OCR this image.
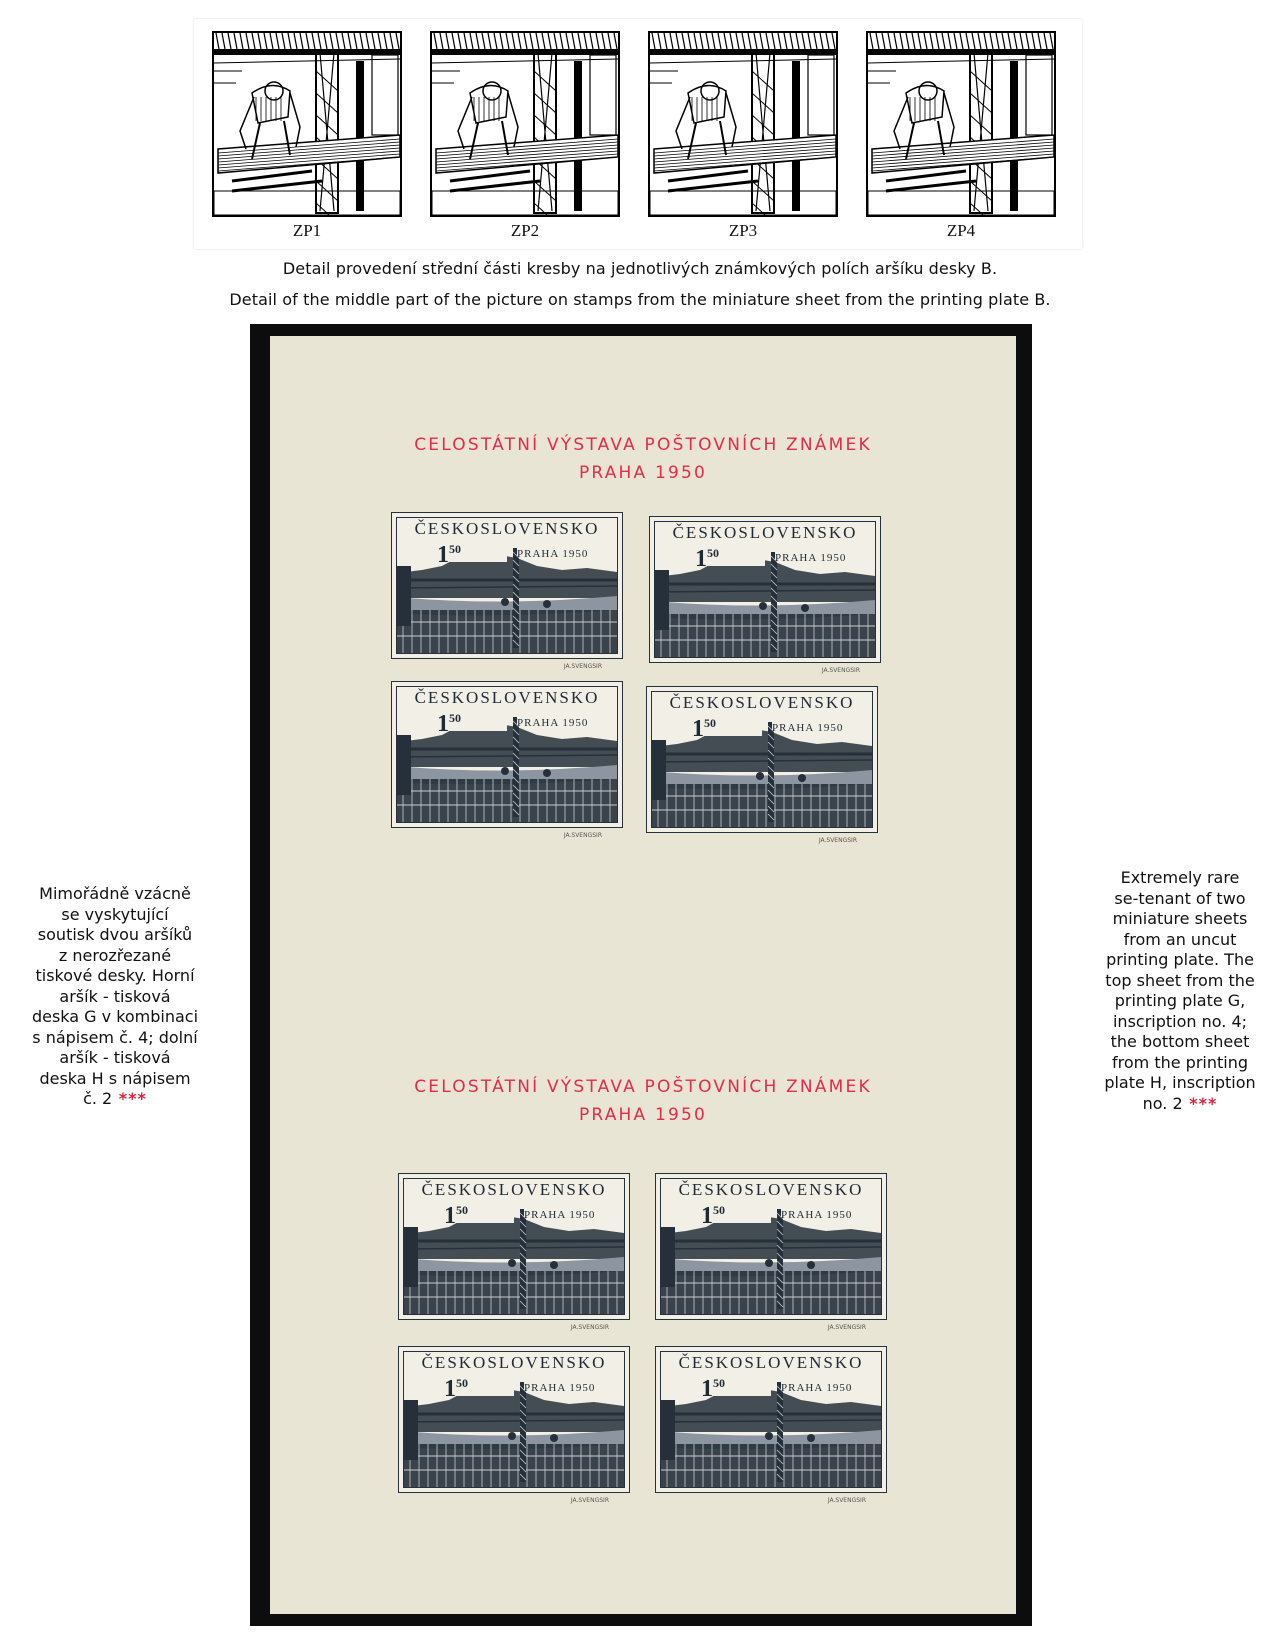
ZP1	ZP2	ZP3	ZP4
Detail provedení střední části kresby na jednotlivých známkových polích aršíku desky B.
Detail of the middle part of the picture on stamps from the miniature sheet from the printing plate B.
CELOSTÁTNÍ VÝSTAVA POŠTOVNÍCH ZNÁMEK
PRAHA 1950
ČESKOSLOVENSKO
$1^{50}$	PRAHA 1950
JA.SVENGSIR
ČESKOSLOVENSKO
$1^{50}$	PRAHA 1950
JA.SVENGSIR
ČESKOSLOVENSKO
$1^{50}$	PRAHA 1950
JA.SVENGSIR
ČESKOSLOVENSKO
$1^{50}$	PRAHA 1950
JA.SVENGSIR
CELOSTÁTNÍ VÝSTAVA POŠTOVNÍCH ZNÁMEK
PRAHA 1950
ČESKOSLOVENSKO
$1^{50}$	PRAHA 1950
JA.SVENGSIR
ČESKOSLOVENSKO
$1^{50}$	PRAHA 1950
JA.SVENGSIR
ČESKOSLOVENSKO
$1^{50}$	PRAHA 1950
JA.SVENGSIR
ČESKOSLOVENSKO
$1^{50}$	PRAHA 1950
JA.SVENGSIR
Mimořádně vzácně
se vyskytující
soutisk dvou aršíků
z nerozřezané
tiskové desky. Horní
aršík - tisková
deska G v kombinaci
s nápisem č. 4; dolní
aršík - tisková
deska H s nápisem
č. 2 ***
Extremely rare
se-tenant of two
miniature sheets
from an uncut
printing plate. The
top sheet from the
printing plate G,
inscription no. 4;
the bottom sheet
from the printing
plate H, inscription
no. 2 ***
